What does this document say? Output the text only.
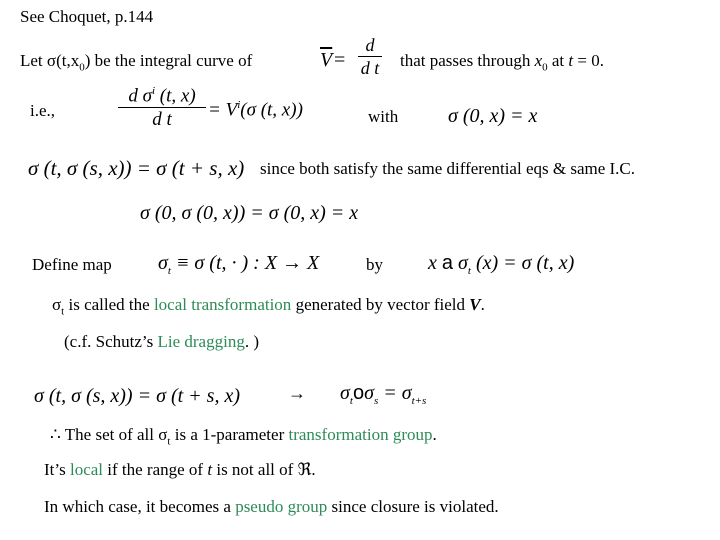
See Choquet, p.144
Let $\sigma(t,x_0)$ be the integral curve of	$\overline{V}$ =
d
d t that passes through $x_0$ at t = 0.
i.e.,
d $\sigma^i$ (t, x)
d t	= $V^i(\sigma$ (t, x))	with σ (0, x) = x
σ (t, σ (s, x)) = σ (t + s, x) since both satisfy the same differential eqs & same I.C.
σ (0, σ (0, x)) = σ (0, x) = x
Define map $\sigma_t \equiv \sigma$ (t, · ) : X → X	by x a $\sigma_t$ (x) = σ (t, x)
$\sigma_t$ is called the local transformation generated by vector field V.
(c.f. Schutz’s Lie dragging. )
σ (t, σ (s, x)) = σ (t + s, x)	→ $\sigma_to\sigma_s = \sigma_{t+s}$
∴ The set of all $\sigma_t$ is a 1-parameter transformation group.
It’s local if the range of t is not all of ℜ.
In which case, it becomes a pseudo group since closure is violated.
